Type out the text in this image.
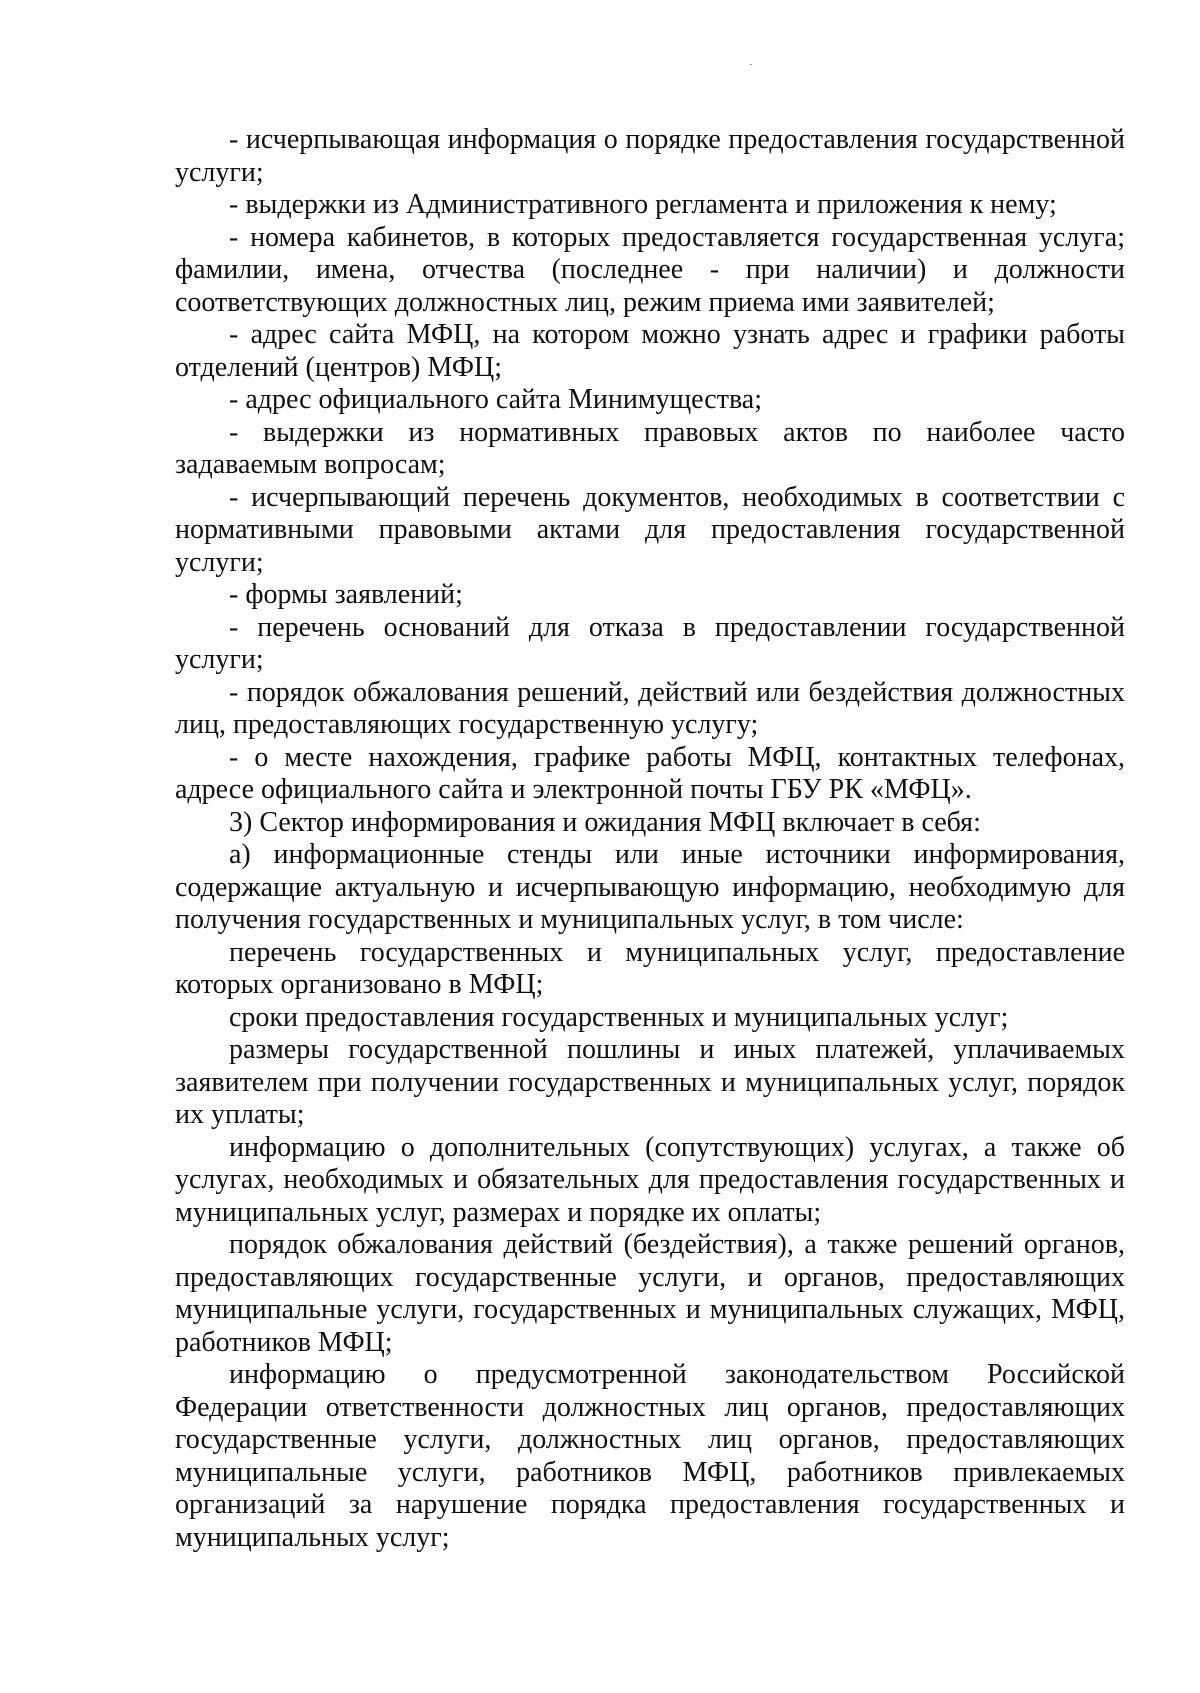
- исчерпывающая информация о порядке предоставления государственной услуги;

- выдержки из Административного регламента и приложения к нему;

- номера кабинетов, в которых предоставляется государственная услуга; фамилии, имена, отчества (последнее - при наличии) и должности соответствующих должностных лиц, режим приема ими заявителей;

- адрес сайта МФЦ, на котором можно узнать адрес и графики работы отделений (центров) МФЦ;

- адрес официального сайта Минимущества;

- выдержки из нормативных правовых актов по наиболее часто задаваемым вопросам;

- исчерпывающий перечень документов, необходимых в соответствии с нормативными правовыми актами для предоставления государственной услуги;

- формы заявлений;

- перечень оснований для отказа в предоставлении государственной услуги;

- порядок обжалования решений, действий или бездействия должностных лиц, предоставляющих государственную услугу;

- о месте нахождения, графике работы МФЦ, контактных телефонах, адресе официального сайта и электронной почты ГБУ РК «МФЦ».

3) Сектор информирования и ожидания МФЦ включает в себя:

а) информационные стенды или иные источники информирования, содержащие актуальную и исчерпывающую информацию, необходимую для получения государственных и муниципальных услуг, в том числе:

перечень государственных и муниципальных услуг, предоставление которых организовано в МФЦ;

сроки предоставления государственных и муниципальных услуг;

размеры государственной пошлины и иных платежей, уплачиваемых заявителем при получении государственных и муниципальных услуг, порядок их уплаты;

информацию о дополнительных (сопутствующих) услугах, а также об услугах, необходимых и обязательных для предоставления государственных и муниципальных услуг, размерах и порядке их оплаты;

порядок обжалования действий (бездействия), а также решений органов, предоставляющих государственные услуги, и органов, предоставляющих муниципальные услуги, государственных и муниципальных служащих, МФЦ, работников МФЦ;

информацию о предусмотренной законодательством Российской Федерации ответственности должностных лиц органов, предоставляющих государственные услуги, должностных лиц органов, предоставляющих муниципальные услуги, работников МФЦ, работников привлекаемых организаций за нарушение порядка предоставления государственных и муниципальных услуг;
